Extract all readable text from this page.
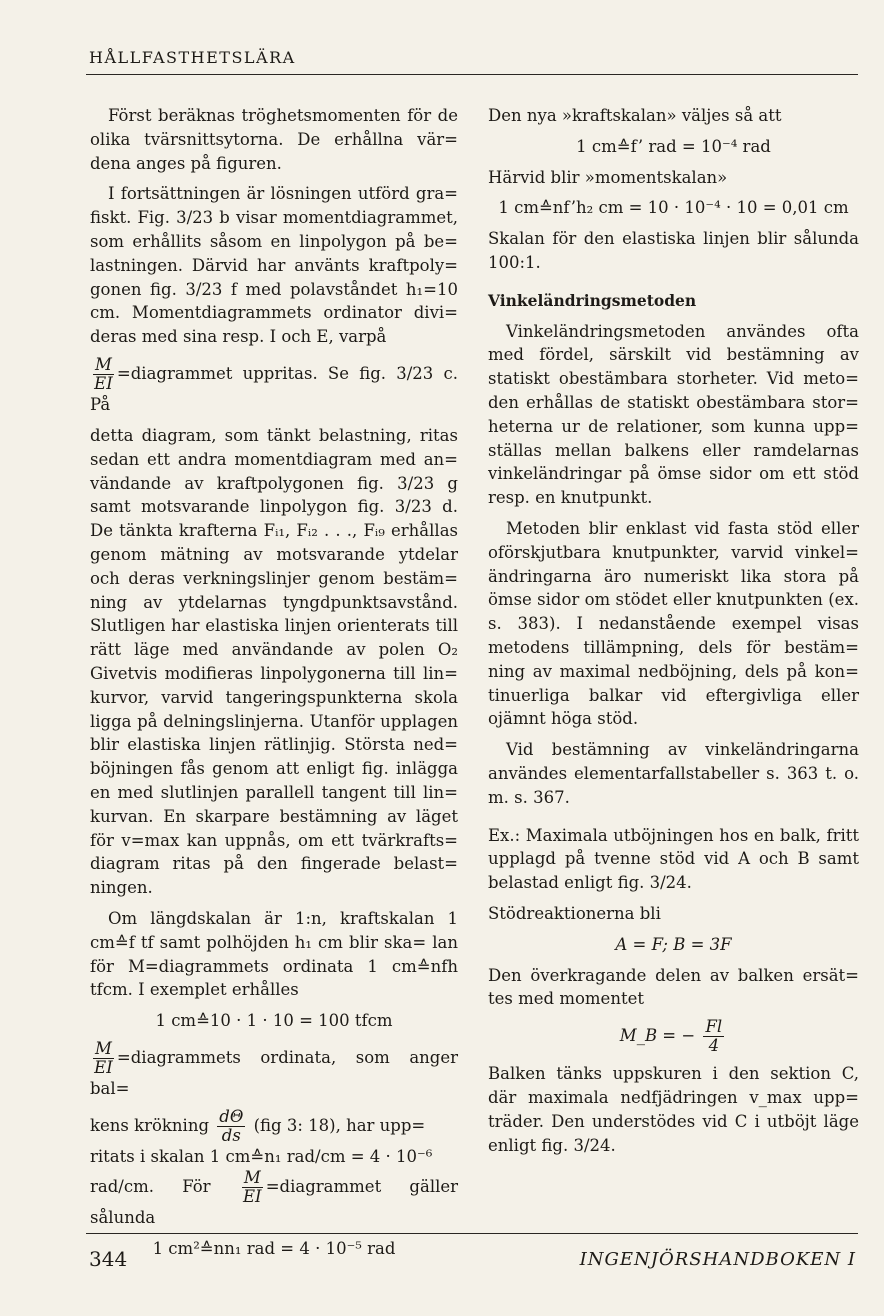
HÅLLFASTHETSLÄRA

Först beräknas tröghetsmomenten för de olika tvärsnittsytorna. De erhållna vär= dena anges på figuren.

I fortsättningen är lösningen utförd gra= fiskt. Fig. 3/23 b visar momentdiagrammet, som erhållits såsom en linpolygon på be= lastningen. Därvid har använts kraftpoly= gonen fig. 3/23 f med polavståndet h₁=10 cm. Momentdiagrammets ordinator divi= deras med sina resp. I och E, varpå

$\frac{M}{EI}$ =diagrammet uppritas. Se fig. 3/23 c. På

detta diagram, som tänkt belastning, ritas sedan ett andra momentdiagram med an= vändande av kraftpolygonen fig. 3/23 g samt motsvarande linpolygon fig. 3/23 d. De tänkta krafterna Fᵢ₁, Fᵢ₂ . . ., Fᵢ₉ erhållas genom mätning av motsvarande ytdelar och deras verkningslinjer genom bestäm= ning av ytdelarnas tyngdpunktsavstånd. Slutligen har elastiska linjen orienterats till rätt läge med användande av polen O₂ Givetvis modifieras linpolygonerna till lin= kurvor, varvid tangeringspunkterna skola ligga på delningslinjerna. Utanför upplagen blir elastiska linjen rätlinjig. Största ned= böjningen fås genom att enligt fig. inlägga en med slutlinjen parallell tangent till lin= kurvan. En skarpare bestämning av läget för v=max kan uppnås, om ett tvärkrafts= diagram ritas på den fingerade belast= ningen.

Om längdskalan är 1:n, kraftskalan 1 cm≙f tf samt polhöjden h₁ cm blir ska= lan för M=diagrammets ordinata 1 cm≙nfh tfcm. I exemplet erhålles

1 cm≙10 · 1 · 10 = 100 tfcm

$\frac{M}{EI}$ =diagrammets ordinata, som anger bal=

kens krökning $\frac{d\Theta}{ds} (fig$ 3: 18), har upp=

ritats i skalan 1 cm≙n₁ rad/cm = 4 · 10⁻⁶

rad/cm. För $\frac{M}{EI}$ =diagrammet gäller sålunda

1 cm²≙nn₁ rad = 4 · 10⁻⁵ rad

Den nya »kraftskalan» väljes så att

1 cm≙f’ rad = 10⁻⁴ rad

Härvid blir »momentskalan»

1 cm≙nf’h₂ cm = 10 · 10⁻⁴ · 10 = 0,01 cm

Skalan för den elastiska linjen blir sålunda 100:1.

Vinkeländringsmetoden

Vinkeländringsmetoden användes ofta med fördel, särskilt vid bestämning av statiskt obestämbara storheter. Vid meto= den erhållas de statiskt obestämbara stor= heterna ur de relationer, som kunna upp= ställas mellan balkens eller ramdelarnas vinkeländringar på ömse sidor om ett stöd resp. en knutpunkt.

Metoden blir enklast vid fasta stöd eller oförskjutbara knutpunkter, varvid vinkel= ändringarna äro numeriskt lika stora på ömse sidor om stödet eller knutpunkten (ex. s. 383). I nedanstående exempel visas metodens tillämpning, dels för bestäm= ning av maximal nedböjning, dels på kon= tinuerliga balkar vid eftergivliga eller ojämnt höga stöd.

Vid bestämning av vinkeländringarna användes elementarfallstabeller s. 363 t. o. m. s. 367.

Ex.: Maximala utböjningen hos en balk, fritt upplagd på tvenne stöd vid A och B samt belastad enligt fig. 3/24.

Stödreaktionerna bli

A = F; B = 3F

Den överkragande delen av balken ersät= tes med momentet

M_B = − $\frac{Fl}{4}$

Balken tänks uppskuren i den sektion C, där maximala nedfjädringen v_max upp= träder. Den understödes vid C i utböjt läge enligt fig. 3/24.

344	INGENJÖRSHANDBOKEN I
